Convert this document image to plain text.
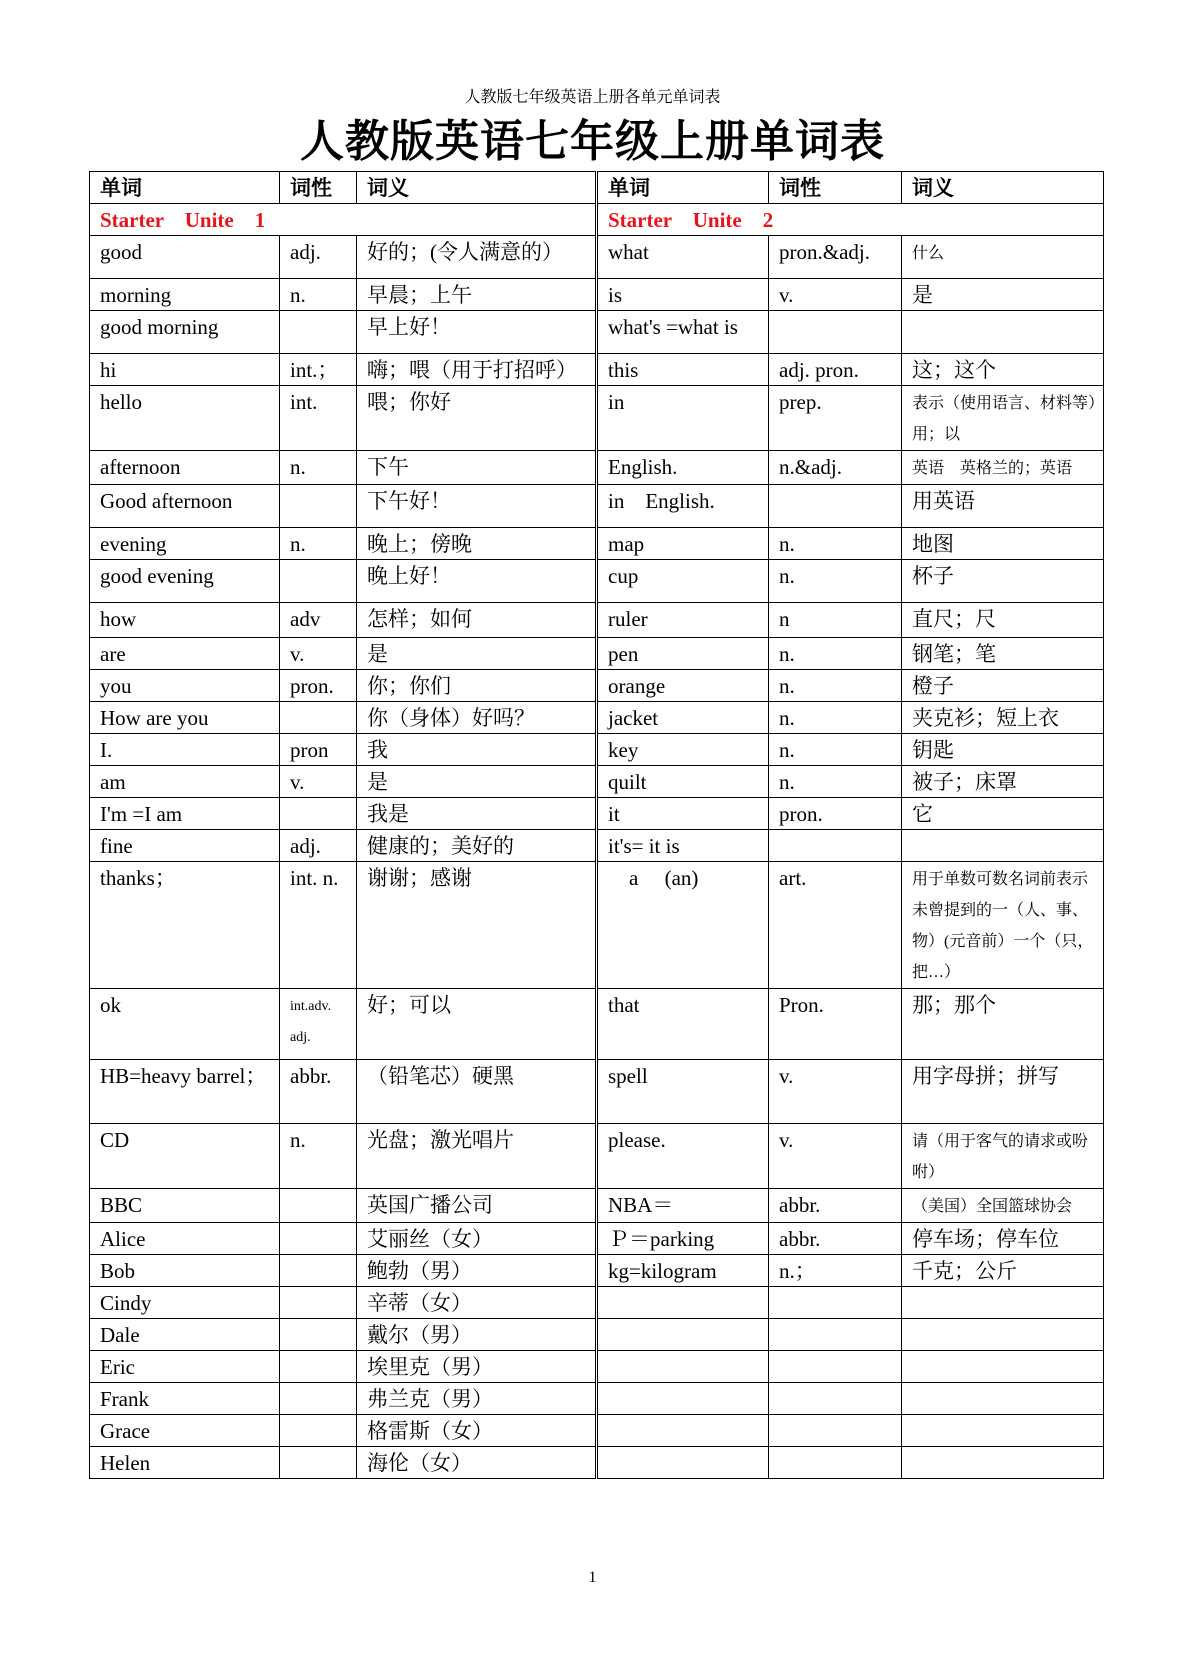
人教版七年级英语上册各单元单词表
人教版英语七年级上册单词表
单词	词性	词义	单词	词性	词义
Starter　Unite　1			Starter　Unite　2		
good	adj.	好的；(令人满意的）	what	pron.&adj.	什么
morning	n.	早晨；上午	is	v.	是
good morning		早上好！	what's =what is		
hi	int.；	嗨；喂（用于打招呼）	this	adj. pron.	这；这个
hello	int.	喂；你好	in	prep.	表示（使用语言、材料等）用；以
afternoon	n.	下午	English.	n.&adj.	英语　英格兰的；英语
Good afternoon		下午好！	in　English.		用英语
evening	n.	晚上；傍晚	map	n.	地图
good evening		晚上好！	cup	n.	杯子
how	adv	怎样；如何	ruler	n	直尺；尺
are	v.	是	pen	n.	钢笔；笔
you	pron.	你；你们	orange	n.	橙子
How are you		你（身体）好吗？	jacket	n.	夹克衫；短上衣
I.	pron	我	key	n.	钥匙
am	v.	是	quilt	n.	被子；床罩
I'm =I am		我是	it	pron.	它
fine	adj.	健康的；美好的	it's= it is		
thanks；	int. n.	谢谢；感谢	　a　 (an)	art.	用于单数可数名词前表示未曾提到的一（人、事、物）(元音前）一个（只，把…）
ok	int.adv. adj.	好；可以	that	Pron.	那；那个
HB=heavy barrel；	abbr.	（铅笔芯）硬黑	spell	v.	用字母拼；拼写
CD	n.	光盘；激光唱片	please.	v.	请（用于客气的请求或吩咐）
BBC		英国广播公司	NBA＝	abbr.	（美国）全国篮球协会
Alice		艾丽丝（女）	Ｐ＝parking	abbr.	停车场；停车位
Bob		鲍勃（男）	kg=kilogram	n.；	千克；公斤
Cindy		辛蒂（女）			
Dale		戴尔（男）			
Eric		埃里克（男）			
Frank		弗兰克（男）			
Grace		格雷斯（女）			
Helen		海伦（女）			
1
